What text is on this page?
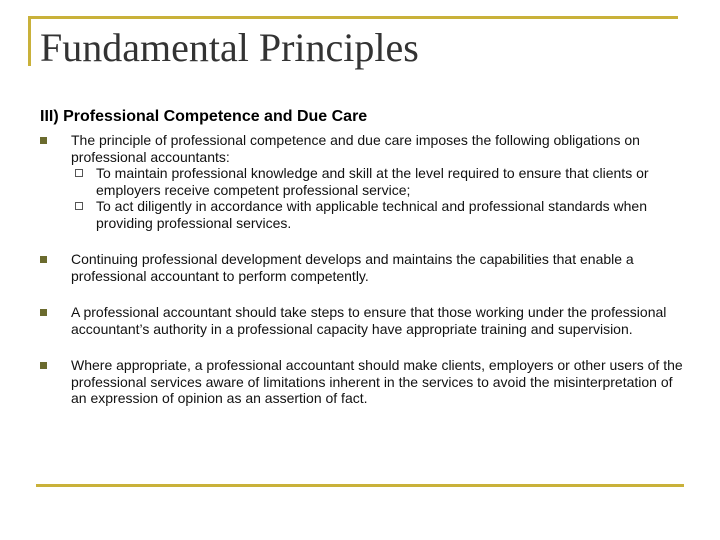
Fundamental Principles
III) Professional Competence and Due Care
The principle of professional competence and due care imposes the following obligations on professional accountants:
To maintain professional knowledge and skill at the level required to ensure that clients or employers receive competent professional service;
To act diligently in accordance with applicable technical and professional standards when providing professional services.
Continuing professional development develops and maintains the capabilities that enable a professional accountant to perform competently.
A professional accountant should take steps to ensure that those working under the professional accountant’s authority in a professional capacity have appropriate training and supervision.
Where appropriate, a professional accountant should make clients, employers or other users of the professional services aware of limitations inherent in the services to avoid the misinterpretation of an expression of opinion as an assertion of fact.
